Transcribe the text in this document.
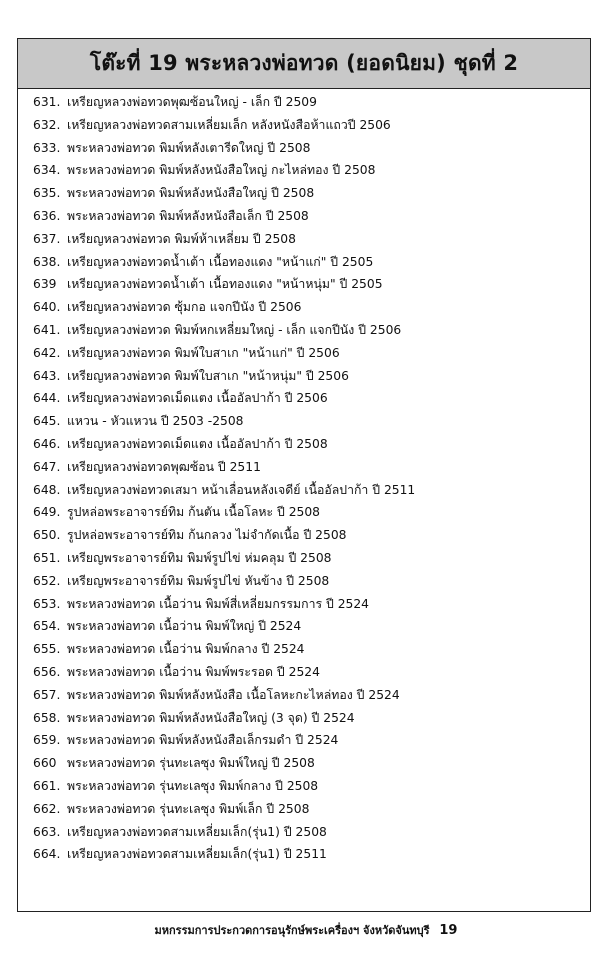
โต๊ะที่ 19 พระหลวงพ่อทวด (ยอดนิยม) ชุดที่ 2
631. เหรียญหลวงพ่อทวดพุฒซ้อนใหญ่ - เล็ก ปี 2509
632. เหรียญหลวงพ่อทวดสามเหลี่ยมเล็ก หลังหนังสือห้าแถวปี 2506
633. พระหลวงพ่อทวด พิมพ์หลังเตารีดใหญ่ ปี 2508
634. พระหลวงพ่อทวด พิมพ์หลังหนังสือใหญ่ กะไหล่ทอง ปี 2508
635. พระหลวงพ่อทวด พิมพ์หลังหนังสือใหญ่ ปี 2508
636. พระหลวงพ่อทวด พิมพ์หลังหนังสือเล็ก ปี 2508
637. เหรียญหลวงพ่อทวด พิมพ์ห้าเหลี่ยม ปี 2508
638. เหรียญหลวงพ่อทวดน้ำเต้า เนื้อทองแดง "หน้าแก่" ปี 2505
639 เหรียญหลวงพ่อทวดน้ำเต้า เนื้อทองแดง "หน้าหนุ่ม" ปี 2505
640. เหรียญหลวงพ่อทวด ซุ้มกอ แจกปีนัง ปี 2506
641. เหรียญหลวงพ่อทวด พิมพ์หกเหลี่ยมใหญ่ - เล็ก แจกปีนัง ปี 2506
642. เหรียญหลวงพ่อทวด พิมพ์ใบสาเก "หน้าแก่" ปี 2506
643. เหรียญหลวงพ่อทวด พิมพ์ใบสาเก "หน้าหนุ่ม" ปี 2506
644. เหรียญหลวงพ่อทวดเม็ดแตง เนื้ออัลปาก้า ปี 2506
645. แหวน - หัวแหวน ปี 2503 -2508
646. เหรียญหลวงพ่อทวดเม็ดแตง เนื้ออัลปาก้า ปี 2508
647. เหรียญหลวงพ่อทวดพุฒซ้อน ปี 2511
648. เหรียญหลวงพ่อทวดเสมา หน้าเลื่อนหลังเจดีย์ เนื้ออัลปาก้า ปี 2511
649. รูปหล่อพระอาจารย์ทิม ก้นตัน เนื้อโลหะ ปี 2508
650. รูปหล่อพระอาจารย์ทิม ก้นกลวง ไม่จำกัดเนื้อ ปี 2508
651. เหรียญพระอาจารย์ทิม พิมพ์รูปไข่ ห่มคลุม ปี 2508
652. เหรียญพระอาจารย์ทิม พิมพ์รูปไข่ หันข้าง ปี 2508
653. พระหลวงพ่อทวด เนื้อว่าน พิมพ์สี่เหลี่ยมกรรมการ ปี 2524
654. พระหลวงพ่อทวด เนื้อว่าน พิมพ์ใหญ่ ปี 2524
655. พระหลวงพ่อทวด เนื้อว่าน พิมพ์กลาง ปี 2524
656. พระหลวงพ่อทวด เนื้อว่าน พิมพ์พระรอด ปี 2524
657. พระหลวงพ่อทวด พิมพ์หลังหนังสือ เนื้อโลหะกะไหล่ทอง ปี 2524
658. พระหลวงพ่อทวด พิมพ์หลังหนังสือใหญ่ (3 จุด) ปี 2524
659. พระหลวงพ่อทวด พิมพ์หลังหนังสือเล็กรมดำ ปี 2524
660 พระหลวงพ่อทวด รุ่นทะเลซุง พิมพ์ใหญ่ ปี 2508
661. พระหลวงพ่อทวด รุ่นทะเลซุง พิมพ์กลาง ปี 2508
662. พระหลวงพ่อทวด รุ่นทะเลซุง พิมพ์เล็ก ปี 2508
663. เหรียญหลวงพ่อทวดสามเหลี่ยมเล็ก(รุ่น1) ปี 2508
664. เหรียญหลวงพ่อทวดสามเหลี่ยมเล็ก(รุ่น1) ปี 2511
มหกรรมการประกวดการอนุรักษ์พระเครื่องฯ จังหวัดจันทบุรี 19
